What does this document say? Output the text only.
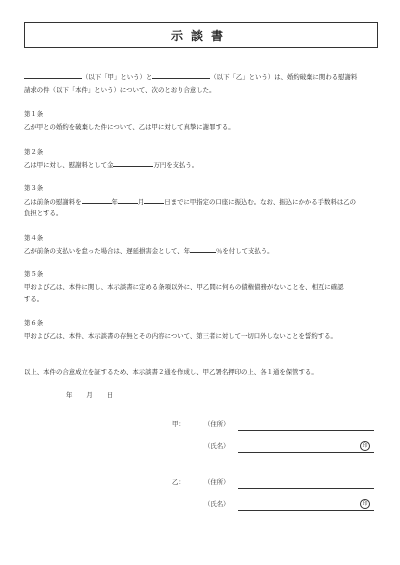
示談書
（以下「甲」という）と	（以下「乙」という）は、婚約破棄に関わる慰謝料
請求の件（以下「本件」という）について、次のとおり合意した。
第１条
乙が甲との婚約を破棄した件について、乙は甲に対して真摯に謝罪する。
第２条
乙は甲に対し、慰謝料として金	万円を支払う。
第３条
乙は前条の慰謝料を	年	月	日までに甲指定の口座に振込む。なお、振込にかかる手数料は乙の
負担とする。
第４条
乙が前条の支払いを怠った場合は、遅延損害金として、年	％を付して支払う。
第５条
甲および乙は、本件に関し、本示談書に定める条項以外に、甲乙間に何らの債権債務がないことを、相互に確認
する。
第６条
甲および乙は、本件、本示談書の存無とその内容について、第三者に対して一切口外しないことを誓約する。
以上、本件の合意成立を証するため、本示談書２通を作成し、甲乙署名押印の上、各１通を保管する。
年 月 日
甲：	（住所）
（氏名）	印
乙：	（住所）
（氏名）	印
